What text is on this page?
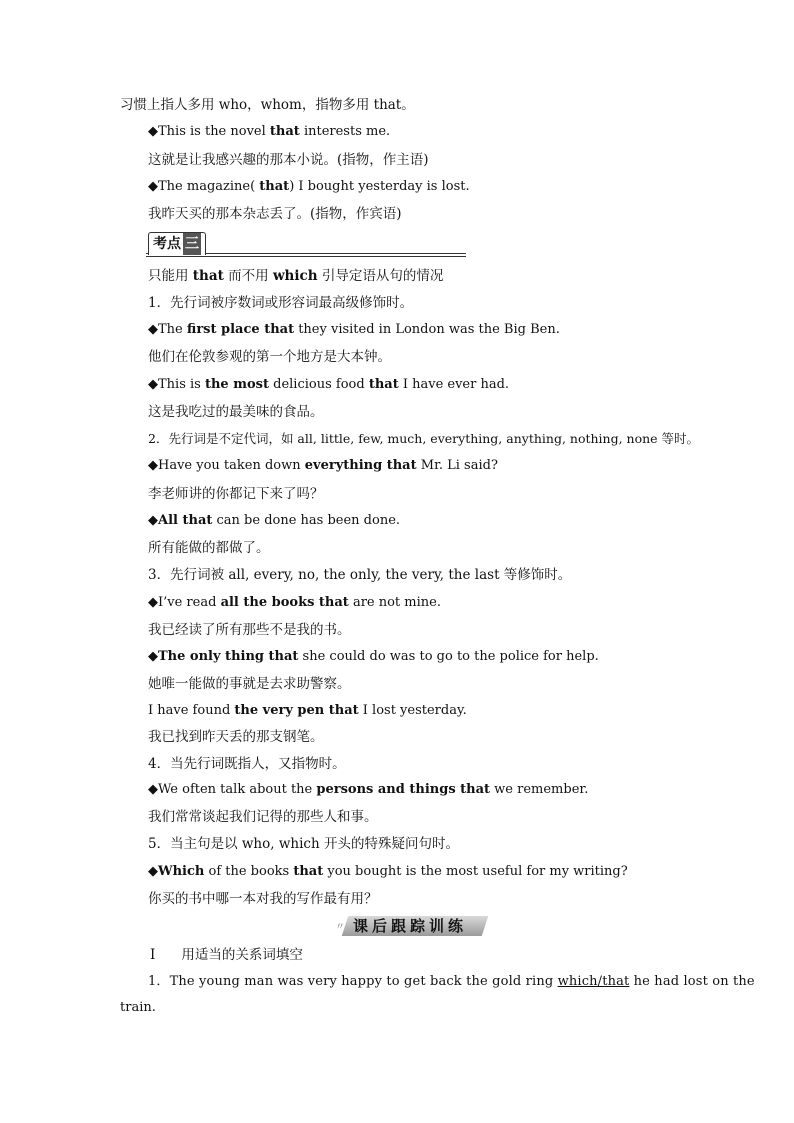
习惯上指人多用 who，whom，指物多用 that。
◆This is the novel that interests me.
这就是让我感兴趣的那本小说。(指物，作主语)
◆The magazine( that) I bought yesterday is lost.
我昨天买的那本杂志丢了。(指物，作宾语)
考点 三
只能用 that 而不用 which 引导定语从句的情况
1．先行词被序数词或形容词最高级修饰时。
◆The first place that they visited in London was the Big Ben.
他们在伦敦参观的第一个地方是大本钟。
◆This is the most delicious food that I have ever had.
这是我吃过的最美味的食品。
2．先行词是不定代词，如 all, little, few, much, everything, anything, nothing, none 等时。
◆Have you taken down everything that Mr. Li said?
李老师讲的你都记下来了吗？
◆All that can be done has been done.
所有能做的都做了。
3．先行词被 all, every, no, the only, the very, the last 等修饰时。
◆I’ve read all the books that are not mine.
我已经读了所有那些不是我的书。
◆The only thing that she could do was to go to the police for help.
她唯一能做的事就是去求助警察。
I have found the very pen that I lost yesterday.
我已找到昨天丢的那支钢笔。
4．当先行词既指人，又指物时。
◆We often talk about the persons and things that we remember.
我们常常谈起我们记得的那些人和事。
5．当主句是以 who, which 开头的特殊疑问句时。
◆Which of the books that you bought is the most useful for my writing?
你买的书中哪一本对我的写作最有用？
〃 课后跟踪训练
Ⅰ 用适当的关系词填空
1．The young man was very happy to get back the gold ring which/that he had lost on the
train.
